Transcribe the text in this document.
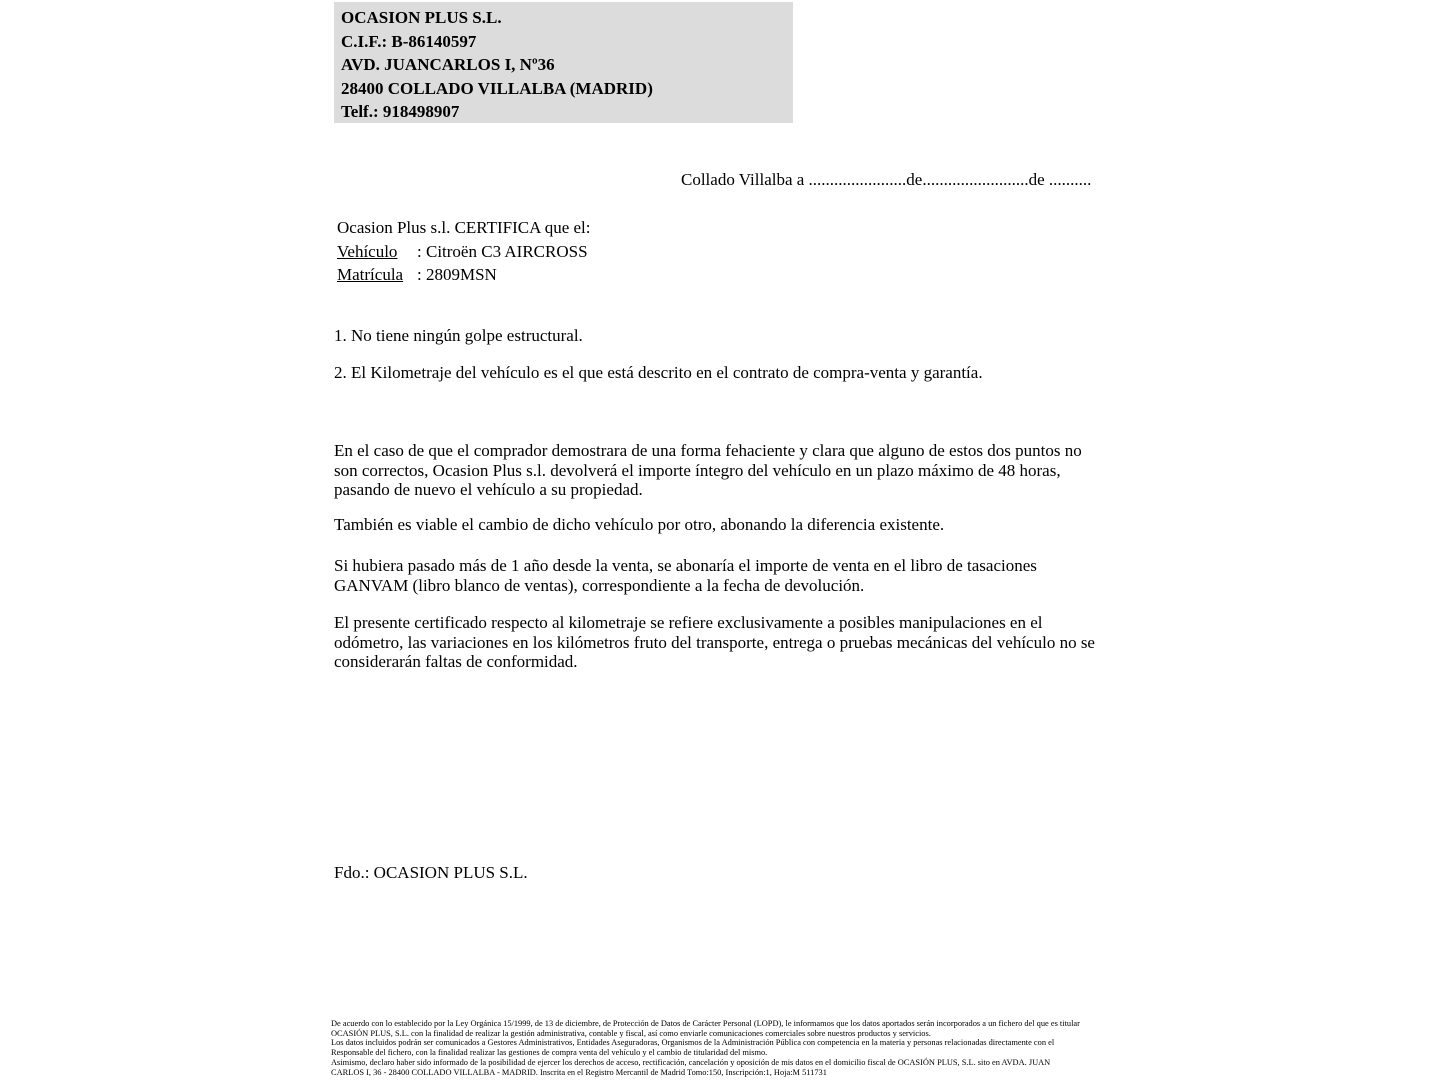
OCASION PLUS S.L.
C.I.F.: B-86140597
AVD. JUANCARLOS I, Nº36
28400 COLLADO VILLALBA (MADRID)
Telf.: 918498907
Collado Villalba a .......................de.........................de ..........
Ocasion Plus s.l. CERTIFICA que el:
Vehículo : Citroën C3 AIRCROSS
Matrícula : 2809MSN
1. No tiene ningún golpe estructural.
2. El Kilometraje del vehículo es el que está descrito en el contrato de compra-venta y garantía.
En el caso de que el comprador demostrara de una forma fehaciente y clara que alguno de estos dos puntos no son correctos, Ocasion Plus s.l. devolverá el importe íntegro del vehículo en un plazo máximo de 48 horas, pasando de nuevo el vehículo a su propiedad.
También es viable el cambio de dicho vehículo por otro, abonando la diferencia existente.
Si hubiera pasado más de 1 año desde la venta, se abonaría el importe de venta en el libro de tasaciones GANVAM (libro blanco de ventas), correspondiente a la fecha de devolución.
El presente certificado respecto al kilometraje se refiere exclusivamente a posibles manipulaciones en el odómetro, las variaciones en los kilómetros fruto del transporte, entrega o pruebas mecánicas del vehículo no se considerarán faltas de conformidad.
Fdo.: OCASION PLUS S.L.
De acuerdo con lo establecido por la Ley Orgánica 15/1999, de 13 de diciembre, de Protección de Datos de Carácter Personal (LOPD), le informamos que los datos aportados serán incorporados a un fichero del que es titular
OCASIÓN PLUS, S.L. con la finalidad de realizar la gestión administrativa, contable y fiscal, así como enviarle comunicaciones comerciales sobre nuestros productos y servicios.
Los datos incluidos podrán ser comunicados a Gestores Administrativos, Entidades Aseguradoras, Organismos de la Administración Pública con competencia en la materia y personas relacionadas directamente con el
Responsable del fichero, con la finalidad realizar las gestiones de compra venta del vehículo y el cambio de titularidad del mismo.
Asimismo, declaro haber sido informado de la posibilidad de ejercer los derechos de acceso, rectificación, cancelación y oposición de mis datos en el domicilio fiscal de OCASIÓN PLUS, S.L. sito en AVDA. JUAN
CARLOS I, 36 - 28400 COLLADO VILLALBA - MADRID. Inscrita en el Registro Mercantil de Madrid Tomo:150, Inscripción:1, Hoja:M 511731
